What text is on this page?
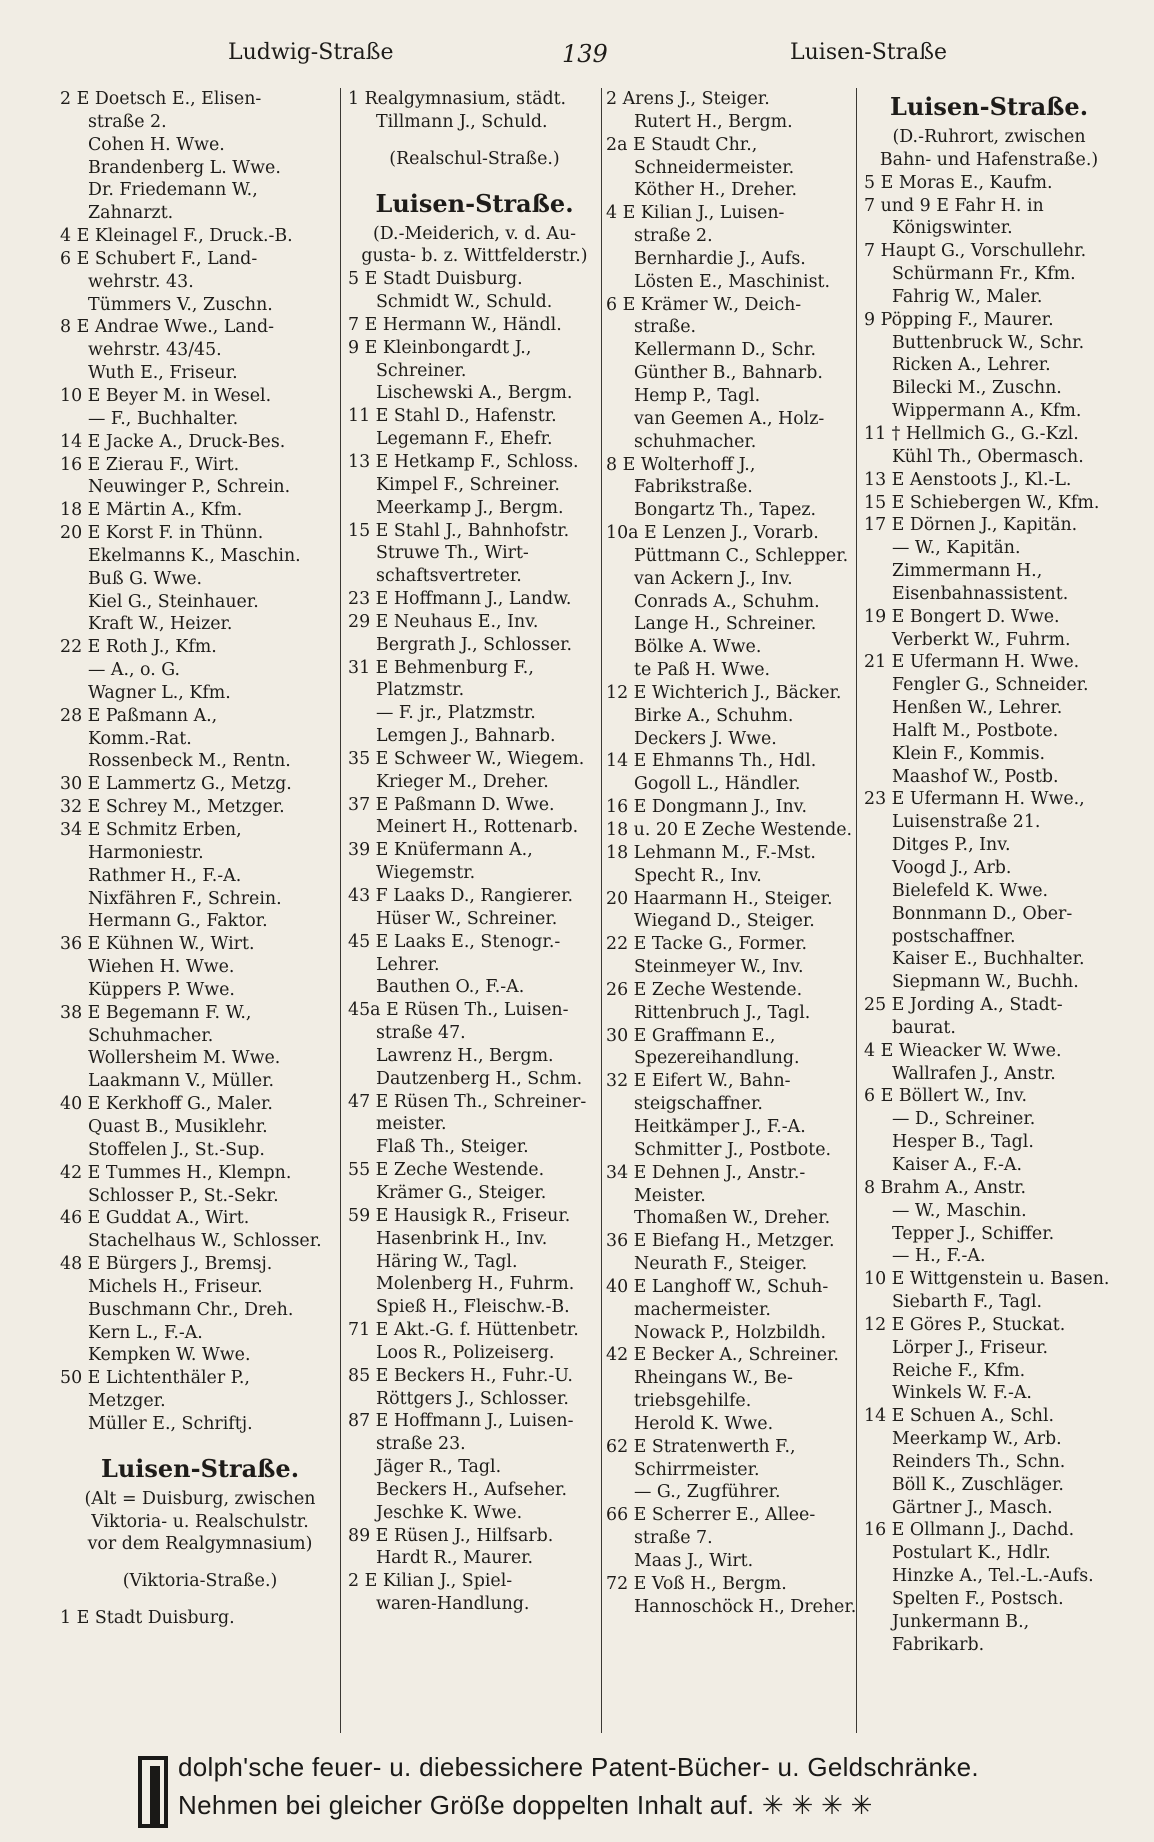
Ludwig-Straße	139	Luisen-Straße
2 E Doetsch E., Elisen-
straße 2.
Cohen H. Wwe.
Brandenberg L. Wwe.
Dr. Friedemann W.,
Zahnarzt.
4 E Kleinagel F., Druck.-B.
6 E Schubert F., Land-
wehrstr. 43.
Tümmers V., Zuschn.
8 E Andrae Wwe., Land-
wehrstr. 43/45.
Wuth E., Friseur.
10 E Beyer M. in Wesel.
— F., Buchhalter.
14 E Jacke A., Druck-Bes.
16 E Zierau F., Wirt.
Neuwinger P., Schrein.
18 E Märtin A., Kfm.
20 E Korst F. in Thünn.
Ekelmanns K., Maschin.
Buß G. Wwe.
Kiel G., Steinhauer.
Kraft W., Heizer.
22 E Roth J., Kfm.
— A., o. G.
Wagner L., Kfm.
28 E Paßmann A.,
Komm.-Rat.
Rossenbeck M., Rentn.
30 E Lammertz G., Metzg.
32 E Schrey M., Metzger.
34 E Schmitz Erben,
Harmoniestr.
Rathmer H., F.-A.
Nixfähren F., Schrein.
Hermann G., Faktor.
36 E Kühnen W., Wirt.
Wiehen H. Wwe.
Küppers P. Wwe.
38 E Begemann F. W.,
Schuhmacher.
Wollersheim M. Wwe.
Laakmann V., Müller.
40 E Kerkhoff G., Maler.
Quast B., Musiklehr.
Stoffelen J., St.-Sup.
42 E Tummes H., Klempn.
Schlosser P., St.-Sekr.
46 E Guddat A., Wirt.
Stachelhaus W., Schlosser.
48 E Bürgers J., Bremsj.
Michels H., Friseur.
Buschmann Chr., Dreh.
Kern L., F.-A.
Kempken W. Wwe.
50 E Lichtenthäler P.,
Metzger.
Müller E., Schriftj.
Luisen-Straße.
(Alt = Duisburg, zwischen
Viktoria- u. Realschulstr.
vor dem Realgymnasium)
(Viktoria-Straße.)
1 E Stadt Duisburg.
1 Realgymnasium, städt.
Tillmann J., Schuld.
(Realschul-Straße.)
Luisen-Straße.
(D.-Meiderich, v. d. Au-
gusta- b. z. Wittfelderstr.)
5 E Stadt Duisburg.
Schmidt W., Schuld.
7 E Hermann W., Händl.
9 E Kleinbongardt J.,
Schreiner.
Lischewski A., Bergm.
11 E Stahl D., Hafenstr.
Legemann F., Ehefr.
13 E Hetkamp F., Schloss.
Kimpel F., Schreiner.
Meerkamp J., Bergm.
15 E Stahl J., Bahnhofstr.
Struwe Th., Wirt-
schaftsvertreter.
23 E Hoffmann J., Landw.
29 E Neuhaus E., Inv.
Bergrath J., Schlosser.
31 E Behmenburg F.,
Platzmstr.
— F. jr., Platzmstr.
Lemgen J., Bahnarb.
35 E Schweer W., Wiegem.
Krieger M., Dreher.
37 E Paßmann D. Wwe.
Meinert H., Rottenarb.
39 E Knüfermann A.,
Wiegemstr.
43 F Laaks D., Rangierer.
Hüser W., Schreiner.
45 E Laaks E., Stenogr.-
Lehrer.
Bauthen O., F.-A.
45a E Rüsen Th., Luisen-
straße 47.
Lawrenz H., Bergm.
Dautzenberg H., Schm.
47 E Rüsen Th., Schreiner-
meister.
Flaß Th., Steiger.
55 E Zeche Westende.
Krämer G., Steiger.
59 E Hausigk R., Friseur.
Hasenbrink H., Inv.
Häring W., Tagl.
Molenberg H., Fuhrm.
Spieß H., Fleischw.-B.
71 E Akt.-G. f. Hüttenbetr.
Loos R., Polizeiserg.
85 E Beckers H., Fuhr.-U.
Röttgers J., Schlosser.
87 E Hoffmann J., Luisen-
straße 23.
Jäger R., Tagl.
Beckers H., Aufseher.
Jeschke K. Wwe.
89 E Rüsen J., Hilfsarb.
Hardt R., Maurer.
2 E Kilian J., Spiel-
waren-Handlung.
2 Arens J., Steiger.
Rutert H., Bergm.
2a E Staudt Chr.,
Schneidermeister.
Köther H., Dreher.
4 E Kilian J., Luisen-
straße 2.
Bernhardie J., Aufs.
Lösten E., Maschinist.
6 E Krämer W., Deich-
straße.
Kellermann D., Schr.
Günther B., Bahnarb.
Hemp P., Tagl.
van Geemen A., Holz-
schuhmacher.
8 E Wolterhoff J.,
Fabrikstraße.
Bongartz Th., Tapez.
10a E Lenzen J., Vorarb.
Püttmann C., Schlepper.
van Ackern J., Inv.
Conrads A., Schuhm.
Lange H., Schreiner.
Bölke A. Wwe.
te Paß H. Wwe.
12 E Wichterich J., Bäcker.
Birke A., Schuhm.
Deckers J. Wwe.
14 E Ehmanns Th., Hdl.
Gogoll L., Händler.
16 E Dongmann J., Inv.
18 u. 20 E Zeche Westende.
18 Lehmann M., F.-Mst.
Specht R., Inv.
20 Haarmann H., Steiger.
Wiegand D., Steiger.
22 E Tacke G., Former.
Steinmeyer W., Inv.
26 E Zeche Westende.
Rittenbruch J., Tagl.
30 E Graffmann E.,
Spezereihandlung.
32 E Eifert W., Bahn-
steigschaffner.
Heitkämper J., F.-A.
Schmitter J., Postbote.
34 E Dehnen J., Anstr.-
Meister.
Thomaßen W., Dreher.
36 E Biefang H., Metzger.
Neurath F., Steiger.
40 E Langhoff W., Schuh-
machermeister.
Nowack P., Holzbildh.
42 E Becker A., Schreiner.
Rheingans W., Be-
triebsgehilfe.
Herold K. Wwe.
62 E Stratenwerth F.,
Schirrmeister.
— G., Zugführer.
66 E Scherrer E., Allee-
straße 7.
Maas J., Wirt.
72 E Voß H., Bergm.
Hannoschöck H., Dreher.
Luisen-Straße.
(D.-Ruhrort, zwischen
Bahn- und Hafenstraße.)
5 E Moras E., Kaufm.
7 und 9 E Fahr H. in
Königswinter.
7 Haupt G., Vorschullehr.
Schürmann Fr., Kfm.
Fahrig W., Maler.
9 Pöpping F., Maurer.
Buttenbruck W., Schr.
Ricken A., Lehrer.
Bilecki M., Zuschn.
Wippermann A., Kfm.
11 † Hellmich G., G.-Kzl.
Kühl Th., Obermasch.
13 E Aenstoots J., Kl.-L.
15 E Schiebergen W., Kfm.
17 E Dörnen J., Kapitän.
— W., Kapitän.
Zimmermann H.,
Eisenbahnassistent.
19 E Bongert D. Wwe.
Verberkt W., Fuhrm.
21 E Ufermann H. Wwe.
Fengler G., Schneider.
Henßen W., Lehrer.
Halft M., Postbote.
Klein F., Kommis.
Maashof W., Postb.
23 E Ufermann H. Wwe.,
Luisenstraße 21.
Ditges P., Inv.
Voogd J., Arb.
Bielefeld K. Wwe.
Bonnmann D., Ober-
postschaffner.
Kaiser E., Buchhalter.
Siepmann W., Buchh.
25 E Jording A., Stadt-
baurat.
4 E Wieacker W. Wwe.
Wallrafen J., Anstr.
6 E Böllert W., Inv.
— D., Schreiner.
Hesper B., Tagl.
Kaiser A., F.-A.
8 Brahm A., Anstr.
— W., Maschin.
Tepper J., Schiffer.
— H., F.-A.
10 E Wittgenstein u. Basen.
Siebarth F., Tagl.
12 E Göres P., Stuckat.
Lörper J., Friseur.
Reiche F., Kfm.
Winkels W. F.-A.
14 E Schuen A., Schl.
Meerkamp W., Arb.
Reinders Th., Schn.
Böll K., Zuschläger.
Gärtner J., Masch.
16 E Ollmann J., Dachd.
Postulart K., Hdlr.
Hinzke A., Tel.-L.-Aufs.
Spelten F., Postsch.
Junkermann B.,
Fabrikarb.
dolph'sche feuer- u. diebessichere Patent-Bücher- u. Geldschränke.
Nehmen bei gleicher Größe doppelten Inhalt auf. ✳ ✳ ✳ ✳
